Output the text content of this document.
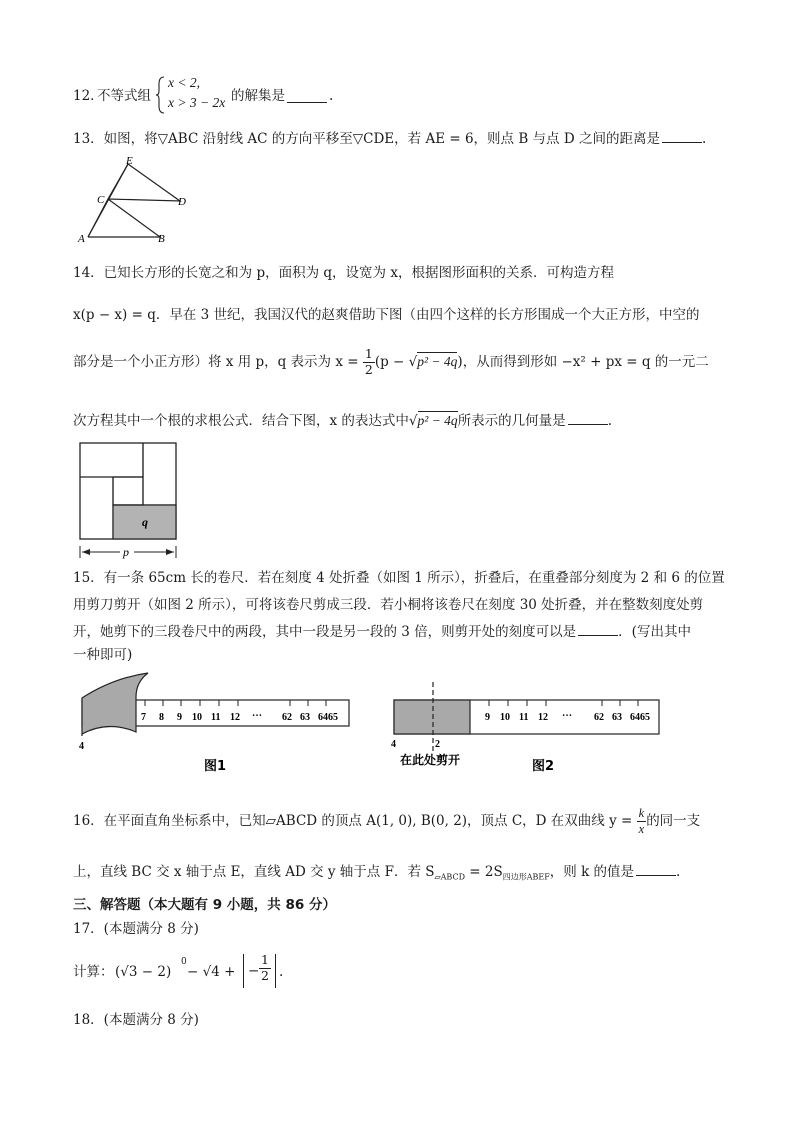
12．
不等式组
x < 2,
x > 3 − 2x 的解集是	.
13．如图，将▽ABC 沿射线 AC 的方向平移至▽CDE，若 AE = 6，则点 B 与点 D 之间的距离是	.
E
C	D
A	B
14．已知长方形的长宽之和为 p，面积为 q，设宽为 x，根据图形面积的关系．可构造方程
x(p − x) = q．早在 3 世纪，我国汉代的赵爽借助下图（由四个这样的长方形围成一个大正方形，中空的
部分是一个小正方形）将 x 用 p，q 表示为 $x = \frac{1}{2} (p - √p^2 - 4q)$，从而得到形如 −x² + px = q 的一元二
次方程其中一个根的求根公式．结合下图，x 的表达式中√p² − 4q所表示的几何量是	.
q
p
15．有一条 65cm 长的卷尺．若在刻度 4 处折叠（如图 1 所示），折叠后，在重叠部分刻度为 2 和 6 的位置
用剪刀剪开（如图 2 所示），可将该卷尺剪成三段．若小桐将该卷尺在刻度 30 处折叠，并在整数刻度处剪
开，她剪下的三段卷尺中的两段，其中一段是另一段的 3 倍，则剪开处的刻度可以是	．(写出其中
一种即可)
7 8 9 10 11 12 … 62 63 6465
4
图1
9 10 11 12 … 62 63 6465
4	2
在此处剪开	图2
16．在平面直角坐标系中，已知▱ABCD 的顶点 A(1, 0), B(0, 2)，顶点 C，D 在双曲线 $y = \frac{k}{x}$ 的同一支
上，直线 BC 交 x 轴于点 E，直线 AD 交 y 轴于点 F．若 $S_{▱ABCD} = 2S_{四边形ABEF}$，则 k 的值是	.
三、解答题（本大题有 9 小题，共 86 分）
17．(本题满分 8 分)
计算： (√3 − 2)
0
− √4 + − $\frac{1}{2}$ .
18．(本题满分 8 分)
